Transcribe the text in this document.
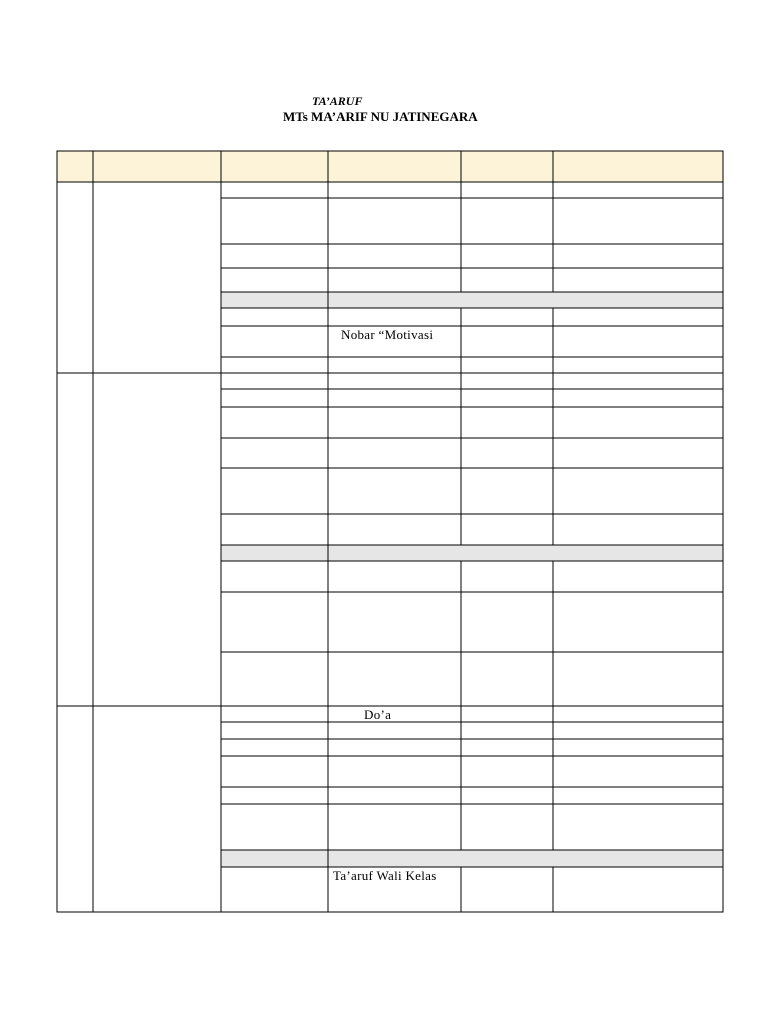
TA’ARUF
MTs MA’ARIF NU JATINEGARA
Nobar “Motivasi
Do’a
Ta’aruf Wali Kelas
